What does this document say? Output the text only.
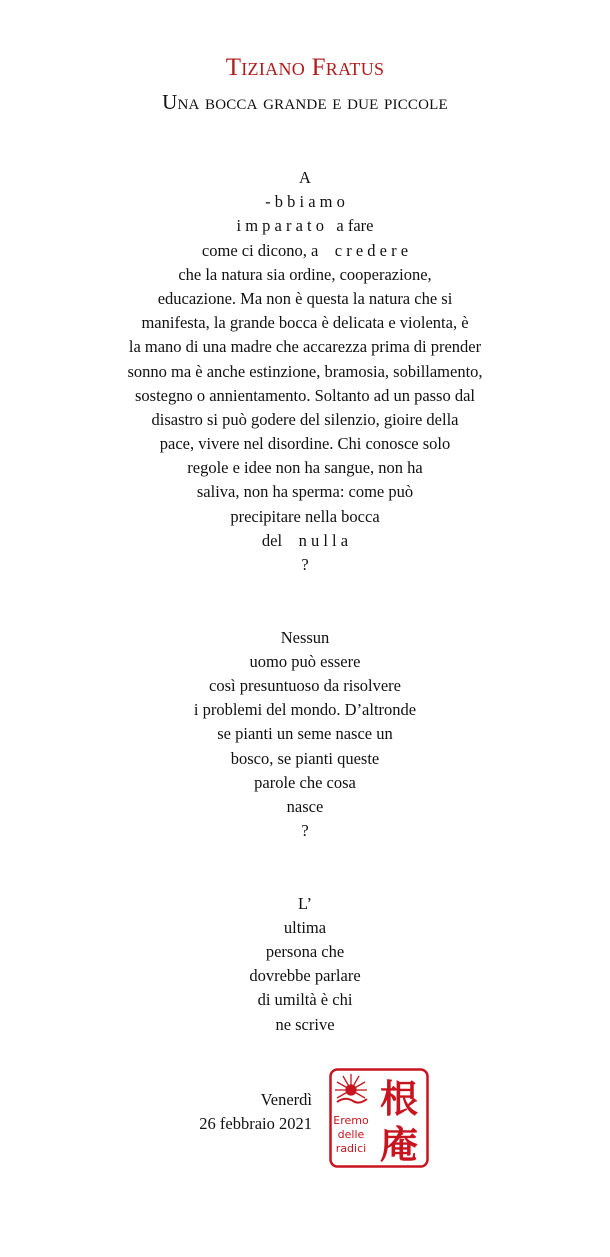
Tiziano Fratus
Una bocca grande e due piccole
A
- b b i a m o
i m p a r a t o   a fare
come ci dicono, a    c r e d e r e
che la natura sia ordine, cooperazione,
educazione. Ma non è questa la natura che si
manifesta, la grande bocca è delicata e violenta, è
la mano di una madre che accarezza prima di prender
sonno ma è anche estinzione, bramosia, sobillamento,
sostegno o annientamento. Soltanto ad un passo dal
disastro si può godere del silenzio, gioire della
pace, vivere nel disordine. Chi conosce solo
regole e idee non ha sangue, non ha
saliva, non ha sperma: come può
precipitare nella bocca
del    n u l l a
?
Nessun
uomo può essere
così presuntuoso da risolvere
i problemi del mondo. D’altronde
se pianti un seme nasce un
bosco, se pianti queste
parole che cosa
nasce
?
L’
ultima
persona che
dovrebbe parlare
di umiltà è chi
ne scrive
Venerdì
26 febbraio 2021 Eremo
delle
radici
根
庵
